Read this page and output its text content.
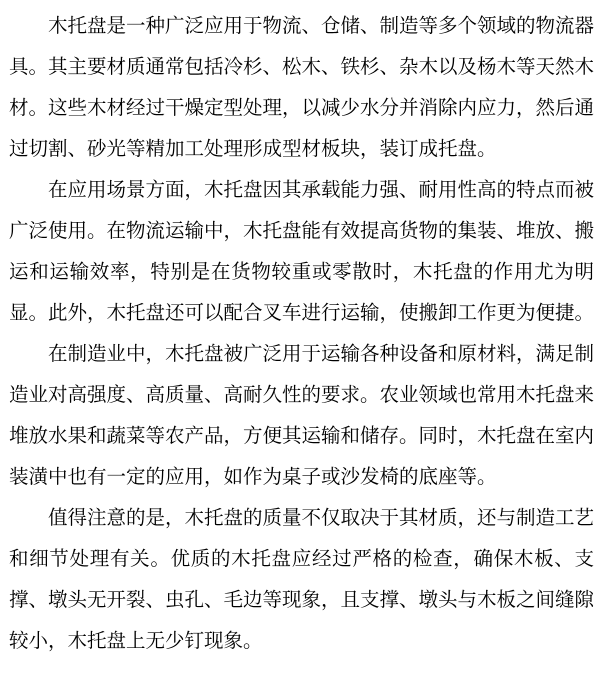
木托盘是一种广泛应用于物流、仓储、制造等多个领域的物流器具。其主要材质通常包括冷杉、松木、铁杉、杂木以及杨木等天然木材。这些木材经过干燥定型处理，以减少水分并消除内应力，然后通过切割、砂光等精加工处理形成型材板块，装订成托盘。

在应用场景方面，木托盘因其承载能力强、耐用性高的特点而被广泛使用。在物流运输中，木托盘能有效提高货物的集装、堆放、搬运和运输效率，特别是在货物较重或零散时，木托盘的作用尤为明显。此外，木托盘还可以配合叉车进行运输，使搬卸工作更为便捷。

在制造业中，木托盘被广泛用于运输各种设备和原材料，满足制造业对高强度、高质量、高耐久性的要求。农业领域也常用木托盘来堆放水果和蔬菜等农产品，方便其运输和储存。同时，木托盘在室内装潢中也有一定的应用，如作为桌子或沙发椅的底座等。

值得注意的是，木托盘的质量不仅取决于其材质，还与制造工艺和细节处理有关。优质的木托盘应经过严格的检查，确保木板、支撑、墩头无开裂、虫孔、毛边等现象，且支撑、墩头与木板之间缝隙较小，木托盘上无少钉现象。
